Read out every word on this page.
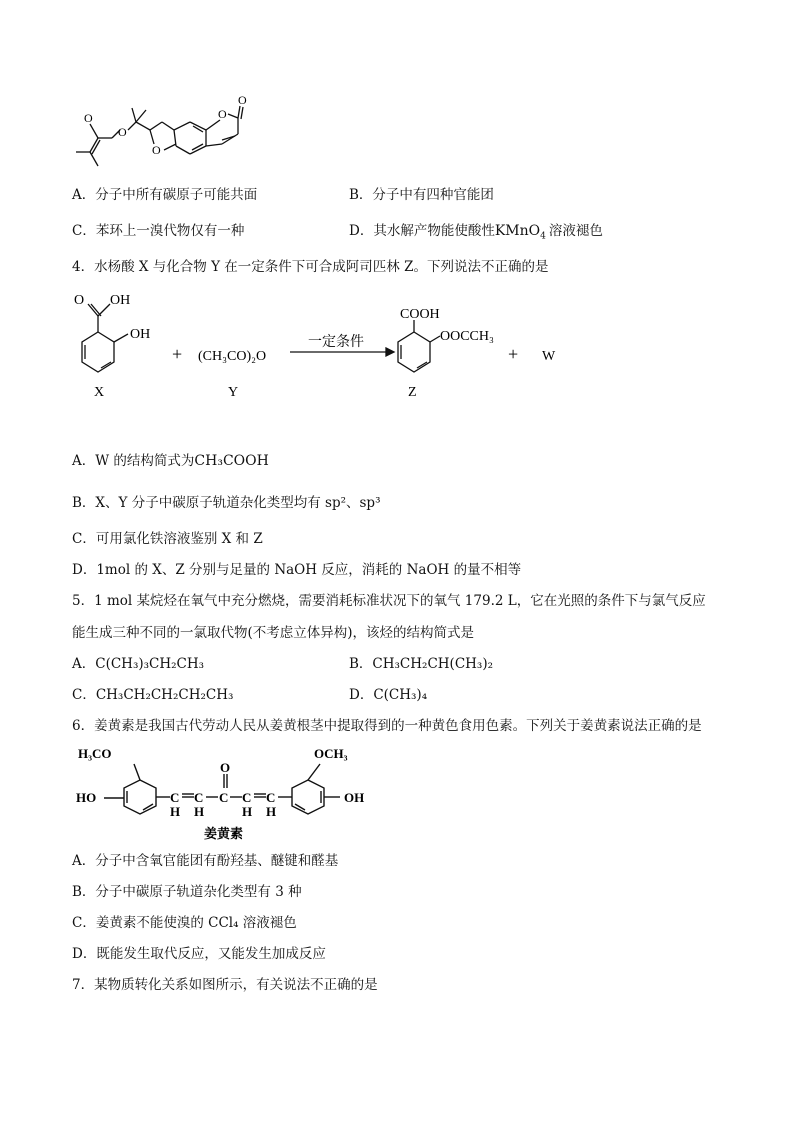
O
O
O
O
O
A．分子中所有碳原子可能共面	B．分子中有四种官能团
C．苯环上一溴代物仅有一种	D．其水解产物能使酸性KMnO$_4$ 溶液褪色
4．水杨酸 X 与化合物 Y 在一定条件下可合成阿司匹林 Z。下列说法不正确的是
O OH
OH
X
+ (CH₃CO)₂O
Y
一定条件
COOH
OOCCH₃
Z
+ W
A．W 的结构简式为CH₃COOH
B．X、Y 分子中碳原子轨道杂化类型均有 sp²、sp³
C．可用氯化铁溶液鉴别 X 和 Z
D．1mol 的 X、Z 分别与足量的 NaOH 反应，消耗的 NaOH 的量不相等
5．1 mol 某烷烃在氧气中充分燃烧，需要消耗标准状况下的氧气 179.2 L，它在光照的条件下与氯气反应
能生成三种不同的一氯取代物(不考虑立体异构)，该烃的结构简式是
A．C(CH₃)₃CH₂CH₃	B．CH₃CH₂CH(CH₃)₂
C．CH₃CH₂CH₂CH₂CH₃	D．C(CH₃)₄
6．姜黄素是我国古代劳动人民从姜黄根茎中提取得到的一种黄色食用色素。下列关于姜黄素说法正确的是
H₃CO
HO	C
H
C
H
O
C C
H
C
H
OCH₃
OH
姜黄素
A．分子中含氧官能团有酚羟基、醚键和醛基
B．分子中碳原子轨道杂化类型有 3 种
C．姜黄素不能使溴的 CCl₄ 溶液褪色
D．既能发生取代反应，又能发生加成反应
7．某物质转化关系如图所示，有关说法不正确的是
